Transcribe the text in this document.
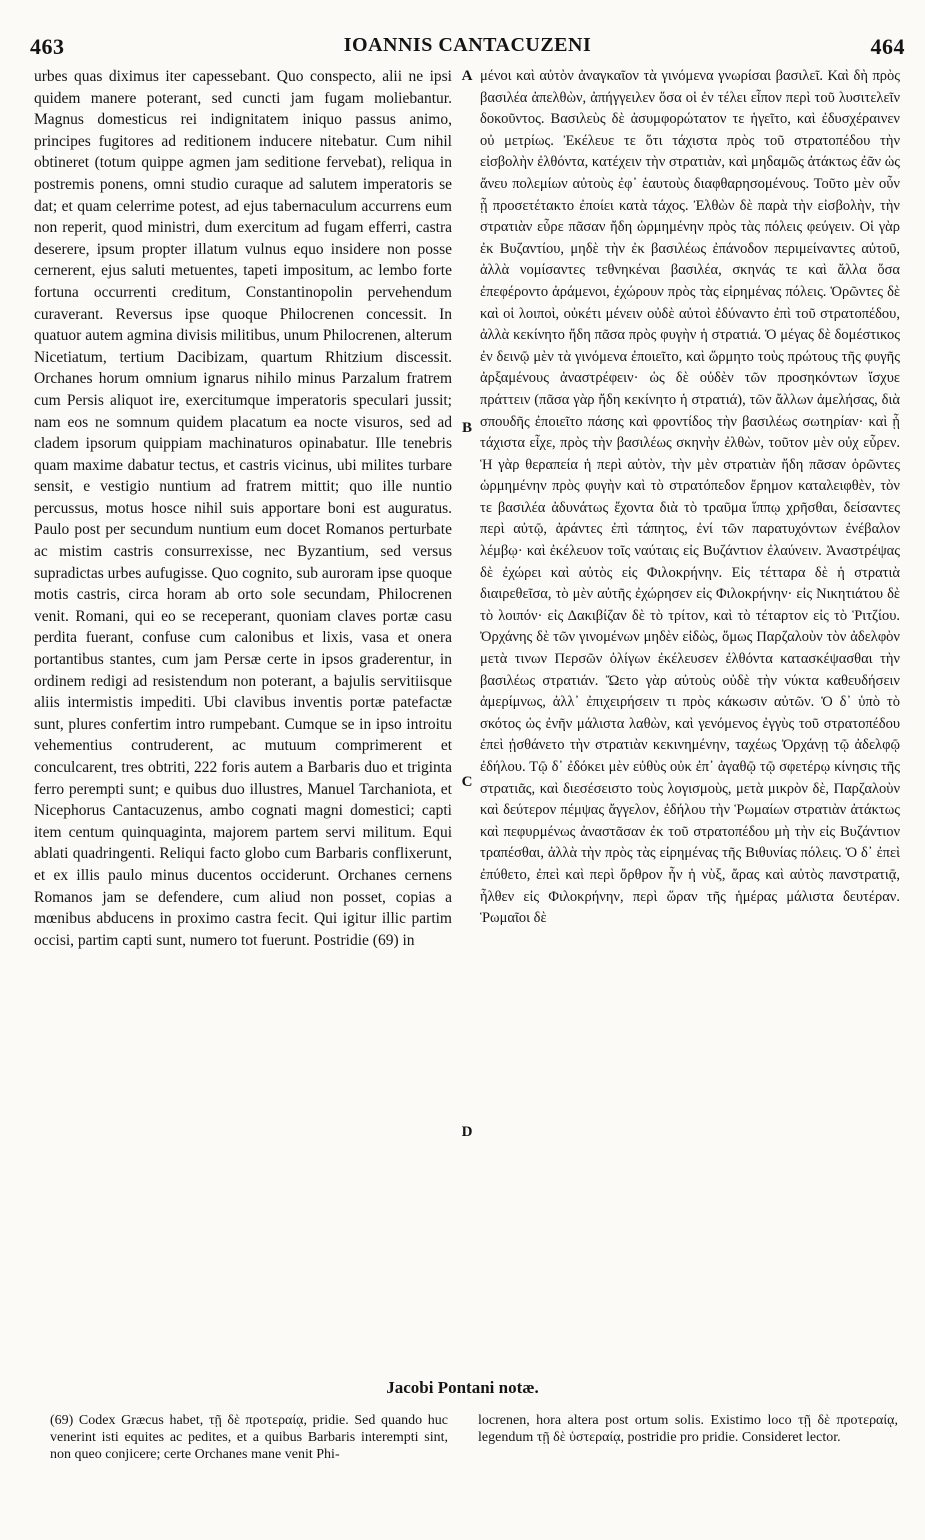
463	IOANNIS CANTACUZENI	464
urbes quas diximus iter capessebant. Quo conspecto, alii ne ipsi quidem manere poterant, sed cuncti jam fugam moliebantur. Magnus domesticus rei indignitatem iniquo passus animo, principes fugitores ad reditionem inducere nitebatur. Cum nihil obtineret (totum quippe agmen jam seditione fervebat), reliqua in postremis ponens, omni studio curaque ad salutem imperatoris se dat; et quam celerrime potest, ad ejus tabernaculum accurrens eum non reperit, quod ministri, dum exercitum ad fugam efferri, castra deserere, ipsum propter illatum vulnus equo insidere non posse cernerent, ejus saluti metuentes, tapeti impositum, ac lembo forte fortuna occurrenti creditum, Constantinopolin pervehendum curaverant. Reversus ipse quoque Philocrenen concessit. In quatuor autem agmina divisis militibus, unum Philocrenen, alterum Nicetiatum, tertium Dacibizam, quartum Rhitzium discessit. Orchanes horum omnium ignarus nihilo minus Parzalum fratrem cum Persis aliquot ire, exercitumque imperatoris speculari jussit; nam eos ne somnum quidem placatum ea nocte visuros, sed ad cladem ipsorum quippiam machinaturos opinabatur. Ille tenebris quam maxime dabatur tectus, et castris vicinus, ubi milites turbare sensit, e vestigio nuntium ad fratrem mittit; quo ille nuntio percussus, motus hosce nihil suis apportare boni est auguratus. Paulo post per secundum nuntium eum docet Romanos perturbate ac mistim castris consurrexisse, nec Byzantium, sed versus supradictas urbes aufugisse. Quo cognito, sub auroram ipse quoque motis castris, circa horam ab orto sole secundam, Philocrenen venit. Romani, qui eo se receperant, quoniam claves portæ casu perdita fuerant, confuse cum calonibus et lixis, vasa et onera portantibus stantes, cum jam Persæ certe in ipsos graderentur, in ordinem redigi ad resistendum non poterant, a bajulis servitiisque aliis intermistis impediti. Ubi clavibus inventis portæ patefactæ sunt, plures confertim intro rumpebant. Cumque se in ipso introitu vehementius contruderent, ac mutuum comprimerent et conculcarent, tres obtriti, 222 foris autem a Barbaris duo et triginta ferro perempti sunt; e quibus duo illustres, Manuel Tarchaniota, et Nicephorus Cantacuzenus, ambo cognati magni domestici; capti item centum quinquaginta, majorem partem servi militum. Equi ablati quadringenti. Reliqui facto globo cum Barbaris conflixerunt, et ex illis paulo minus ducentos occiderunt. Orchanes cernens Romanos jam se defendere, cum aliud non posset, copias a mœnibus abducens in proximo castra fecit. Qui igitur illic partim occisi, partim capti sunt, numero tot fuerunt. Postridie (69) in
A
B
C
D
μένοι καὶ αὐτὸν ἀναγκαῖον τὰ γινόμενα γνωρίσαι βασιλεῖ. Καὶ δὴ πρὸς βασιλέα ἀπελθὼν, ἀπήγγειλεν ὅσα οἱ ἐν τέλει εἶπον περὶ τοῦ λυσιτελεῖν δοκοῦντος. Βασιλεὺς δὲ ἀσυμφορώτατον τε ἡγεῖτο, καὶ ἐδυσχέραινεν οὐ μετρίως. Ἐκέλευε τε ὅτι τάχιστα πρὸς τοῦ στρατοπέδου τὴν εἰσβολὴν ἐλθόντα, κατέχειν τὴν στρατιὰν, καὶ μηδαμῶς ἀτάκτως ἐᾶν ὡς ἄνευ πολεμίων αὐτοὺς ἐφ᾽ ἑαυτοὺς διαφθαρησομένους. Τοῦτο μὲν οὖν ᾗ προσετέτακτο ἐποίει κατὰ τάχος. Ἐλθὼν δὲ παρὰ τὴν εἰσβολὴν, τὴν στρατιὰν εὗρε πᾶσαν ἤδη ὡρμημένην πρὸς τὰς πόλεις φεύγειν. Οἱ γὰρ ἐκ Βυζαντίου, μηδὲ τὴν ἐκ βασιλέως ἐπάνοδον περιμείναντες αὐτοῦ, ἀλλὰ νομίσαντες τεθνηκέναι βασιλέα, σκηνάς τε καὶ ἄλλα ὅσα ἐπεφέροντο ἀράμενοι, ἐχώρουν πρὸς τὰς εἰρημένας πόλεις. Ὁρῶντες δὲ καὶ οἱ λοιποὶ, οὐκέτι μένειν οὐδὲ αὐτοὶ ἐδύναντο ἐπὶ τοῦ στρατοπέδου, ἀλλὰ κεκίνητο ἤδη πᾶσα πρὸς φυγὴν ἡ στρατιά. Ὁ μέγας δὲ δομέστικος ἐν δεινῷ μὲν τὰ γινόμενα ἐποιεῖτο, καὶ ὥρμητο τοὺς πρώτους τῆς φυγῆς ἀρξαμένους ἀναστρέφειν· ὡς δὲ οὐδὲν τῶν προσηκόντων ἴσχυε πράττειν (πᾶσα γὰρ ἤδη κεκίνητο ἡ στρατιά), τῶν ἄλλων ἀμελήσας, διὰ σπουδῆς ἐποιεῖτο πάσης καὶ φροντίδος τὴν βασιλέως σωτηρίαν· καὶ ᾗ τάχιστα εἶχε, πρὸς τὴν βασιλέως σκηνὴν ἐλθὼν, τοῦτον μὲν οὐχ εὗρεν. Ἡ γὰρ θεραπεία ἡ περὶ αὐτὸν, τὴν μὲν στρατιὰν ἤδη πᾶσαν ὁρῶντες ὡρμημένην πρὸς φυγὴν καὶ τὸ στρατόπεδον ἔρημον καταλειφθὲν, τὸν τε βασιλέα ἀδυνάτως ἔχοντα διὰ τὸ τραῦμα ἵππῳ χρῆσθαι, δείσαντες περὶ αὐτῷ, ἀράντες ἐπὶ τάπητος, ἐνί τῶν παρατυχόντων ἐνέβαλον λέμβῳ· καὶ ἐκέλευον τοῖς ναύταις εἰς Βυζάντιον ἐλαύνειν. Ἀναστρέψας δὲ ἐχώρει καὶ αὐτὸς εἰς Φιλοκρήνην. Εἰς τέτταρα δὲ ἡ στρατιὰ διαιρεθεῖσα, τὸ μὲν αὐτῆς ἐχώρησεν εἰς Φιλοκρήνην· εἰς Νικητιάτου δὲ τὸ λοιπόν· εἰς Δακιβίζαν δὲ τὸ τρίτον, καὶ τὸ τέταρτον εἰς τὸ Ῥιτζίου. Ὀρχάνης δὲ τῶν γινομένων μηδὲν εἰδὼς, ὅμως Παρζαλοὺν τὸν ἀδελφὸν μετὰ τινων Περσῶν ὀλίγων ἐκέλευσεν ἐλθόντα κατασκέψασθαι τὴν βασιλέως στρατιάν. Ὤετο γὰρ αὐτοὺς οὐδὲ τὴν νύκτα καθευδήσειν ἀμερίμνως, ἀλλ᾽ ἐπιχειρήσειν τι πρὸς κάκωσιν αὐτῶν. Ὁ δ᾽ ὑπὸ τὸ σκότος ὡς ἐνῆν μάλιστα λαθὼν, καὶ γενόμενος ἐγγὺς τοῦ στρατοπέδου ἐπεὶ ᾐσθάνετο τὴν στρατιὰν κεκινημένην, ταχέως Ὀρχάνῃ τῷ ἀδελφῷ ἐδήλου. Τῷ δ᾽ ἐδόκει μὲν εὐθὺς οὐκ ἐπ᾽ ἀγαθῷ τῷ σφετέρῳ κίνησις τῆς στρατιᾶς, καὶ διεσέσειστο τοὺς λογισμοὺς, μετὰ μικρὸν δὲ, Παρζαλοὺν καὶ δεύτερον πέμψας ἄγγελον, ἐδήλου τὴν Ῥωμαίων στρατιὰν ἀτάκτως καὶ πεφυρμένως ἀναστᾶσαν ἐκ τοῦ στρατοπέδου μὴ τὴν εἰς Βυζάντιον τραπέσθαι, ἀλλὰ τὴν πρὸς τὰς εἰρημένας τῆς Βιθυνίας πόλεις. Ὁ δ᾽ ἐπεὶ ἐπύθετο, ἐπεὶ καὶ περὶ ὄρθρον ἦν ἡ νὺξ, ἄρας καὶ αὐτὸς πανστρατιᾷ, ἧλθεν εἰς Φιλοκρήνην, περὶ ὥραν τῆς ἡμέρας μάλιστα δευτέραν. Ῥωμαῖοι δὲ
Jacobi Pontani notæ.
(69) Codex Græcus habet, τῇ δὲ προτεραίᾳ, pridie. Sed quando huc venerint isti equites ac pedites, et a quibus Barbaris interempti sint, non queo conjicere; certe Orchanes mane venit Phi-
locrenen, hora altera post ortum solis. Existimo loco τῇ δὲ προτεραίᾳ, legendum τῇ δὲ ὑστεραίᾳ, postridie pro pridie. Consideret lector.
